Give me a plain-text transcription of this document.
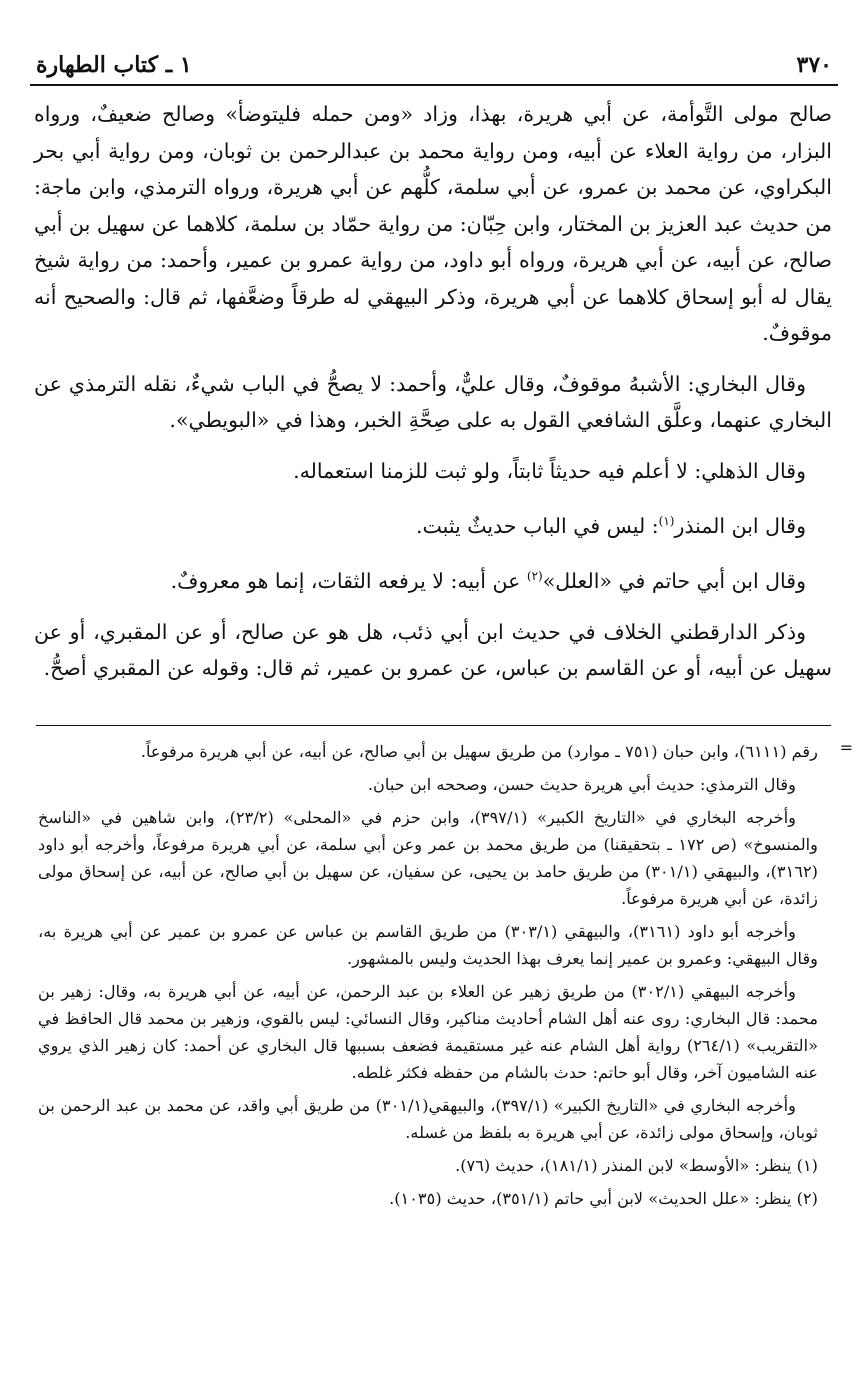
٣٧٠
١ ـ كتاب الطهارة

صالح مولى التَّوأمة، عن أبي هريرة، بهذا، وزاد «ومن حمله فليتوضأ» وصالح ضعيفٌ، ورواه البزار، من رواية العلاء عن أبيه، ومن رواية محمد بن عبدالرحمن بن ثوبان، ومن رواية أبي بحر البكراوي، عن محمد بن عمرو، عن أبي سلمة، كلُّهم عن أبي هريرة، ورواه الترمذي، وابن ماجة: من حديث عبد العزيز بن المختار، وابن حِبّان: من رواية حمّاد بن سلمة، كلاهما عن سهيل بن أبي صالح، عن أبيه، عن أبي هريرة، ورواه أبو داود، من رواية عمرو بن عمير، وأحمد: من رواية شيخ يقال له أبو إسحاق كلاهما عن أبي هريرة، وذكر البيهقي له طرقاً وضعَّفها، ثم قال: والصحيح أنه موقوفٌ.

وقال البخاري: الأشبهُ موقوفٌ، وقال عليٌّ، وأحمد: لا يصحُّ في الباب شيءٌ، نقله الترمذي عن البخاري عنهما، وعلَّق الشافعي القول به على صِحَّةِ الخبر، وهذا في «البويطي».

وقال الذهلي: لا أعلم فيه حديثاً ثابتاً، ولو ثبت للزمنا استعماله.

وقال ابن المنذر$^{(١)}$: ليس في الباب حديثٌ يثبت.

وقال ابن أبي حاتم في «العلل»$^{(٢)}$ عن أبيه: لا يرفعه الثقات، إنما هو معروفٌ.

وذكر الدارقطني الخلاف في حديث ابن أبي ذئب، هل هو عن صالح، أو عن المقبري، أو عن سهيل عن أبيه، أو عن القاسم بن عباس، عن عمرو بن عمير، ثم قال: وقوله عن المقبري أصحُّ.

=

رقم (٦١١١)، وابن حبان (٧٥١ ـ موارد) من طريق سهيل بن أبي صالح، عن أبيه، عن أبي هريرة مرفوعاً.

وقال الترمذي: حديث أبي هريرة حديث حسن، وصححه ابن حبان.

وأخرجه البخاري في «التاريخ الكبير» (٣٩٧/١)، وابن حزم في «المحلى» (٢٣/٢)، وابن شاهين في «الناسخ والمنسوخ» (ص ١٧٢ ـ بتحقيقنا) من طريق محمد بن عمر وعن أبي سلمة، عن أبي هريرة مرفوعاً، وأخرجه أبو داود (٣١٦٢)، والبيهقي (٣٠١/١) من طريق حامد بن يحيى، عن سفيان، عن سهيل بن أبي صالح، عن أبيه، عن إسحاق مولى زائدة، عن أبي هريرة مرفوعاً.

وأخرجه أبو داود (٣١٦١)، والبيهقي (٣٠٣/١) من طريق القاسم بن عباس عن عمرو بن عمير عن أبي هريرة به، وقال البيهقي: وعمرو بن عمير إنما يعرف بهذا الحديث وليس بالمشهور.

وأخرجه البيهقي (٣٠٢/١) من طريق زهير عن العلاء بن عبد الرحمن، عن أبيه، عن أبي هريرة به، وقال: زهير بن محمد: قال البخاري: روى عنه أهل الشام أحاديث مناكير، وقال النسائي: ليس بالقوي، وزهير بن محمد قال الحافظ في «التقريب» (٢٦٤/١) رواية أهل الشام عنه غير مستقيمة فضعف بسببها قال البخاري عن أحمد: كان زهير الذي يروي عنه الشاميون آخر، وقال أبو حاتم: حدث بالشام من حفظه فكثر غلطه.

وأخرجه البخاري في «التاريخ الكبير» (٣٩٧/١)، والبيهقي(٣٠١/١) من طريق أبي واقد، عن محمد بن عبد الرحمن بن ثوبان، وإسحاق مولى زائدة، عن أبي هريرة به بلفظ من غسله.

(١) ينظر: «الأوسط» لابن المنذر (١٨١/١)، حديث (٧٦).

(٢) ينظر: «علل الحديث» لابن أبي حاتم (٣٥١/١)، حديث (١٠٣٥).
